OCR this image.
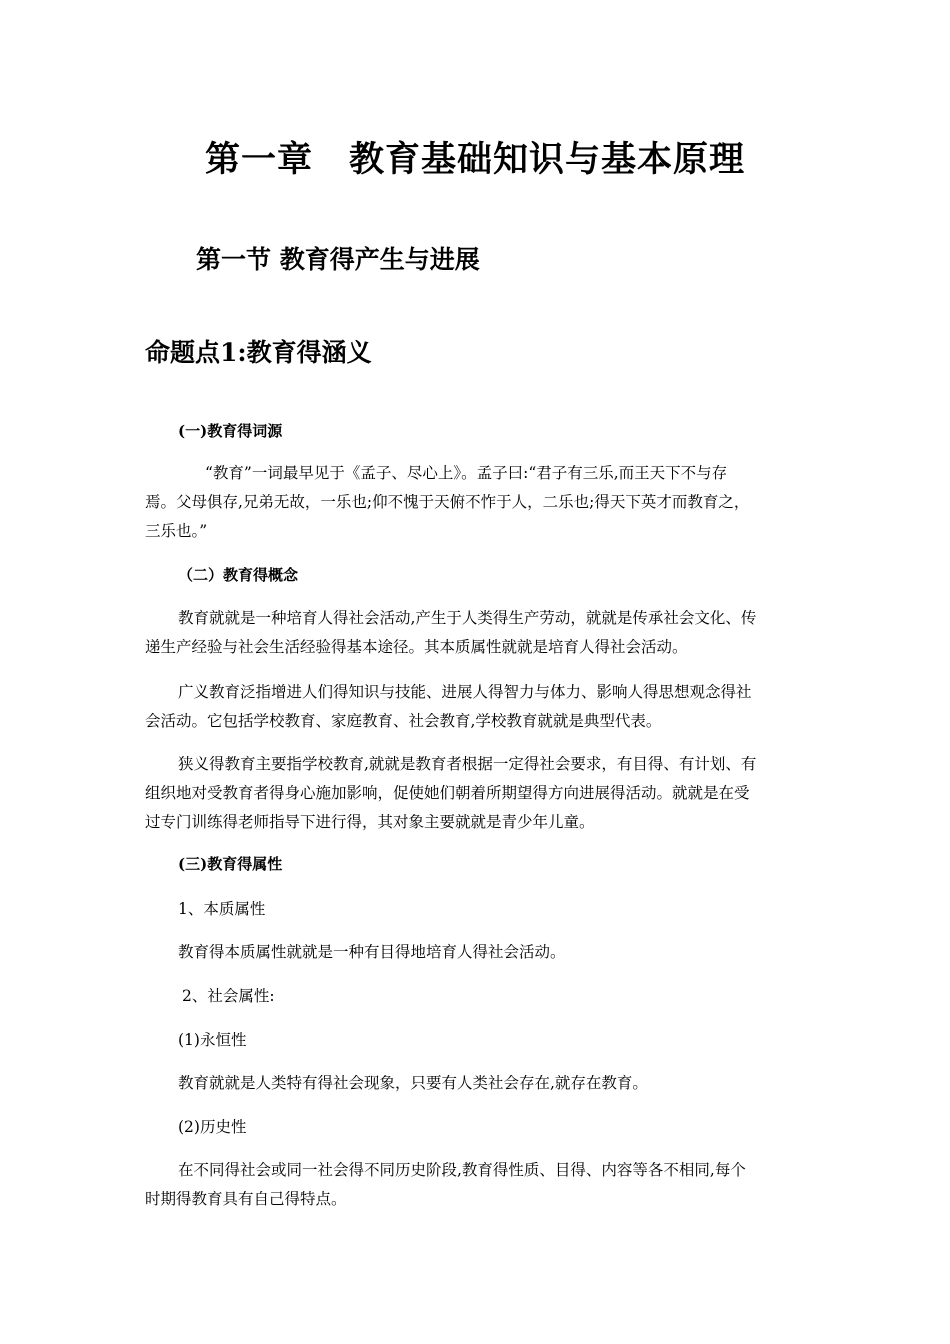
第一章　教育基础知识与基本原理
第一节 教育得产生与进展
命题点1:教育得涵义
(一)教育得词源
“教育”一词最早见于《孟子、尽心上》。孟子曰:“君子有三乐,而王天下不与存
焉。父母俱存,兄弟无故，一乐也;仰不愧于天俯不怍于人，二乐也;得天下英才而教育之，
三乐也。”
（二）教育得概念
教育就就是一种培育人得社会活动,产生于人类得生产劳动，就就是传承社会文化、传
递生产经验与社会生活经验得基本途径。其本质属性就就是培育人得社会活动。
广义教育泛指增进人们得知识与技能、进展人得智力与体力、影响人得思想观念得社
会活动。它包括学校教育、家庭教育、社会教育,学校教育就就是典型代表。
狭义得教育主要指学校教育,就就是教育者根据一定得社会要求，有目得、有计划、有
组织地对受教育者得身心施加影响，促使她们朝着所期望得方向进展得活动。就就是在受
过专门训练得老师指导下进行得，其对象主要就就是青少年儿童。
(三)教育得属性
1、本质属性
教育得本质属性就就是一种有目得地培育人得社会活动。
2、社会属性:
(1)永恒性
教育就就是人类特有得社会现象，只要有人类社会存在,就存在教育。
(2)历史性
在不同得社会或同一社会得不同历史阶段,教育得性质、目得、内容等各不相同,每个
时期得教育具有自己得特点。
